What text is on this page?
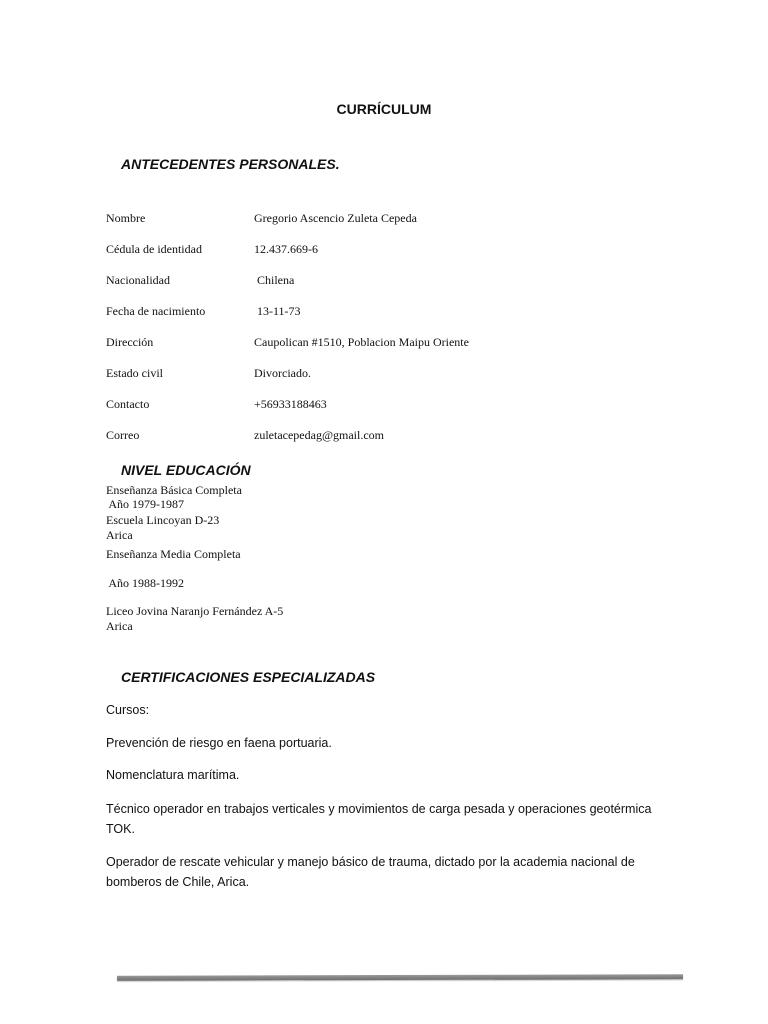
CURRÍCULUM
ANTECEDENTES PERSONALES.
Nombre	Gregorio Ascencio Zuleta Cepeda
Cédula de identidad	12.437.669-6
Nacionalidad	Chilena
Fecha de nacimiento	13-11-73
Dirección	Caupolican #1510, Poblacion Maipu Oriente
Estado civil	Divorciado.
Contacto	+56933188463
Correo	zuletacepedag@gmail.com
NIVEL EDUCACIÓN
Enseñanza Básica Completa
Año 1979-1987
Escuela Lincoyan D-23
Arica
Enseñanza Media Completa
Año 1988-1992
Liceo Jovina Naranjo Fernández A-5
Arica
CERTIFICACIONES ESPECIALIZADAS
Cursos:
Prevención de riesgo en faena portuaria.
Nomenclatura marítima.
Técnico operador en trabajos verticales y movimientos de carga pesada y operaciones geotérmica
TOK.
Operador de rescate vehicular y manejo básico de trauma, dictado por la academia nacional de
bomberos de Chile, Arica.
